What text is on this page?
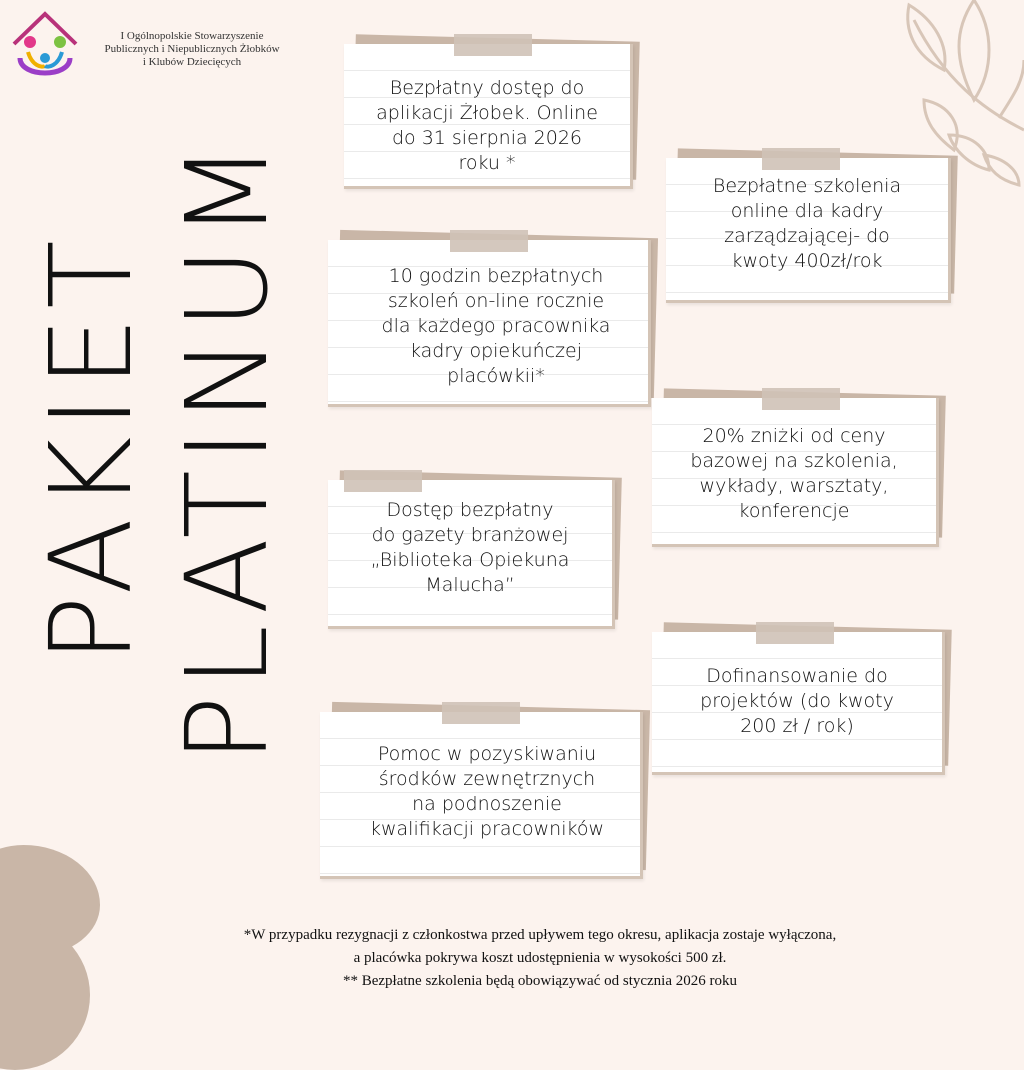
I Ogólnopolskie Stowarzyszenie
Publicznych i Niepublicznych Żłobków
i Klubów Dziecięcych
PAKIET PLATINUM
Bezpłatny dostęp do
aplikacji Żłobek. Online
do 31 sierpnia 2026
roku *
Bezpłatne szkolenia
online dla kadry
zarządzającej- do
kwoty 400zł/rok
10 godzin bezpłatnych
szkoleń on-line rocznie
dla każdego pracownika
kadry opiekuńczej
placówkii*
20% zniżki od ceny
bazowej na szkolenia,
wykłady, warsztaty,
konferencje
Dostęp bezpłatny
do gazety branżowej
„Biblioteka Opiekuna
Malucha”
Dofinansowanie do
projektów (do kwoty
200 zł / rok)
Pomoc w pozyskiwaniu
środków zewnętrznych
na podnoszenie
kwalifikacji pracowników
*W przypadku rezygnacji z członkostwa przed upływem tego okresu, aplikacja zostaje wyłączona,
a placówka pokrywa koszt udostępnienia w wysokości 500 zł.
** Bezpłatne szkolenia będą obowiązywać od stycznia 2026 roku
